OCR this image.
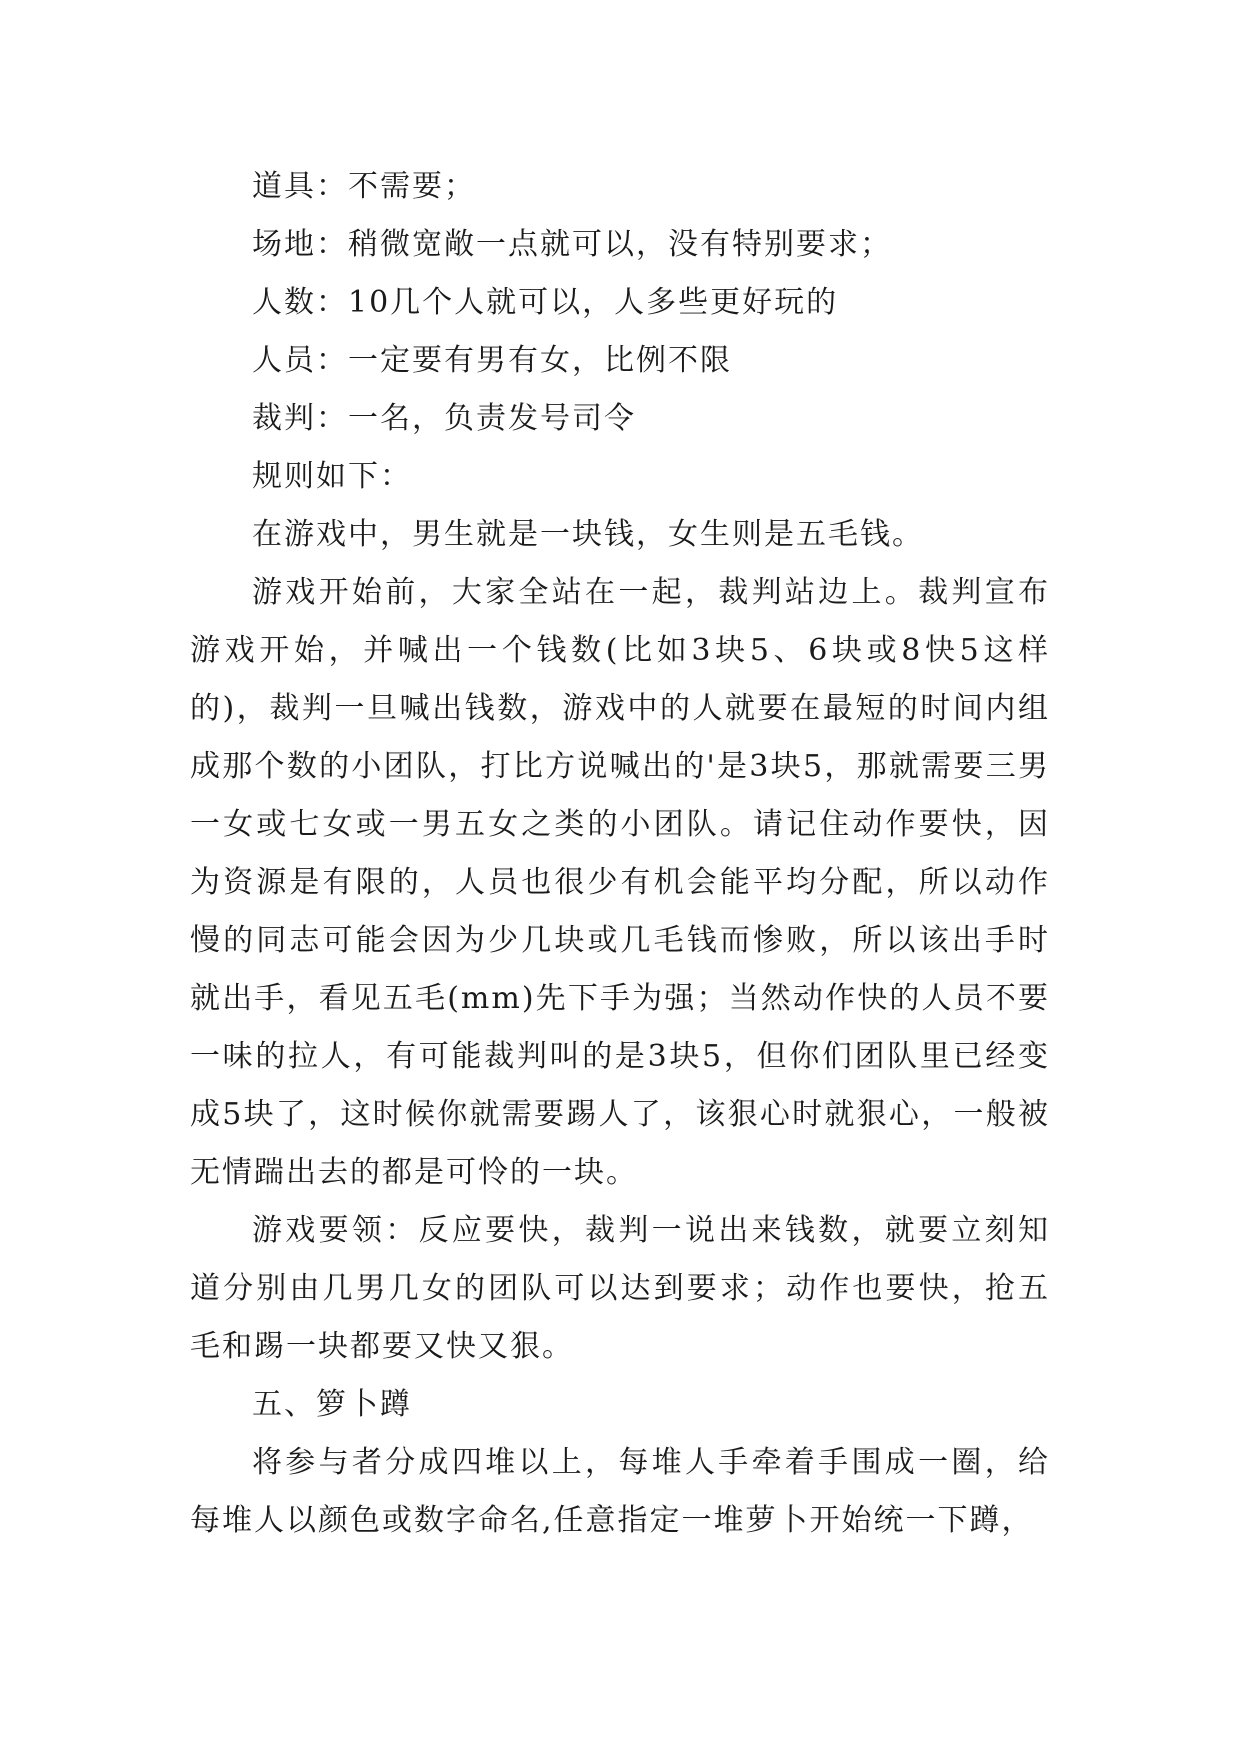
道具：不需要；
场地：稍微宽敞一点就可以，没有特别要求；
人数：10几个人就可以，人多些更好玩的
人员：一定要有男有女，比例不限
裁判：一名，负责发号司令
规则如下：
在游戏中，男生就是一块钱，女生则是五毛钱。

游戏开始前，大家全站在一起，裁判站边上。裁判宣布游戏开始，并喊出一个钱数(比如3块5、6块或8快5这样的)，裁判一旦喊出钱数，游戏中的人就要在最短的时间内组成那个数的小团队，打比方说喊出的'是3块5，那就需要三男一女或七女或一男五女之类的小团队。请记住动作要快，因为资源是有限的，人员也很少有机会能平均分配，所以动作慢的同志可能会因为少几块或几毛钱而惨败，所以该出手时就出手，看见五毛(mm)先下手为强；当然动作快的人员不要一味的拉人，有可能裁判叫的是3块5，但你们团队里已经变成5块了，这时候你就需要踢人了，该狠心时就狠心，一般被无情踹出去的都是可怜的一块。

游戏要领：反应要快，裁判一说出来钱数，就要立刻知道分别由几男几女的团队可以达到要求；动作也要快，抢五毛和踢一块都要又快又狠。

五、箩卜蹲

将参与者分成四堆以上，每堆人手牵着手围成一圈，给每堆人以颜色或数字命名,任意指定一堆萝卜开始统一下蹲，
